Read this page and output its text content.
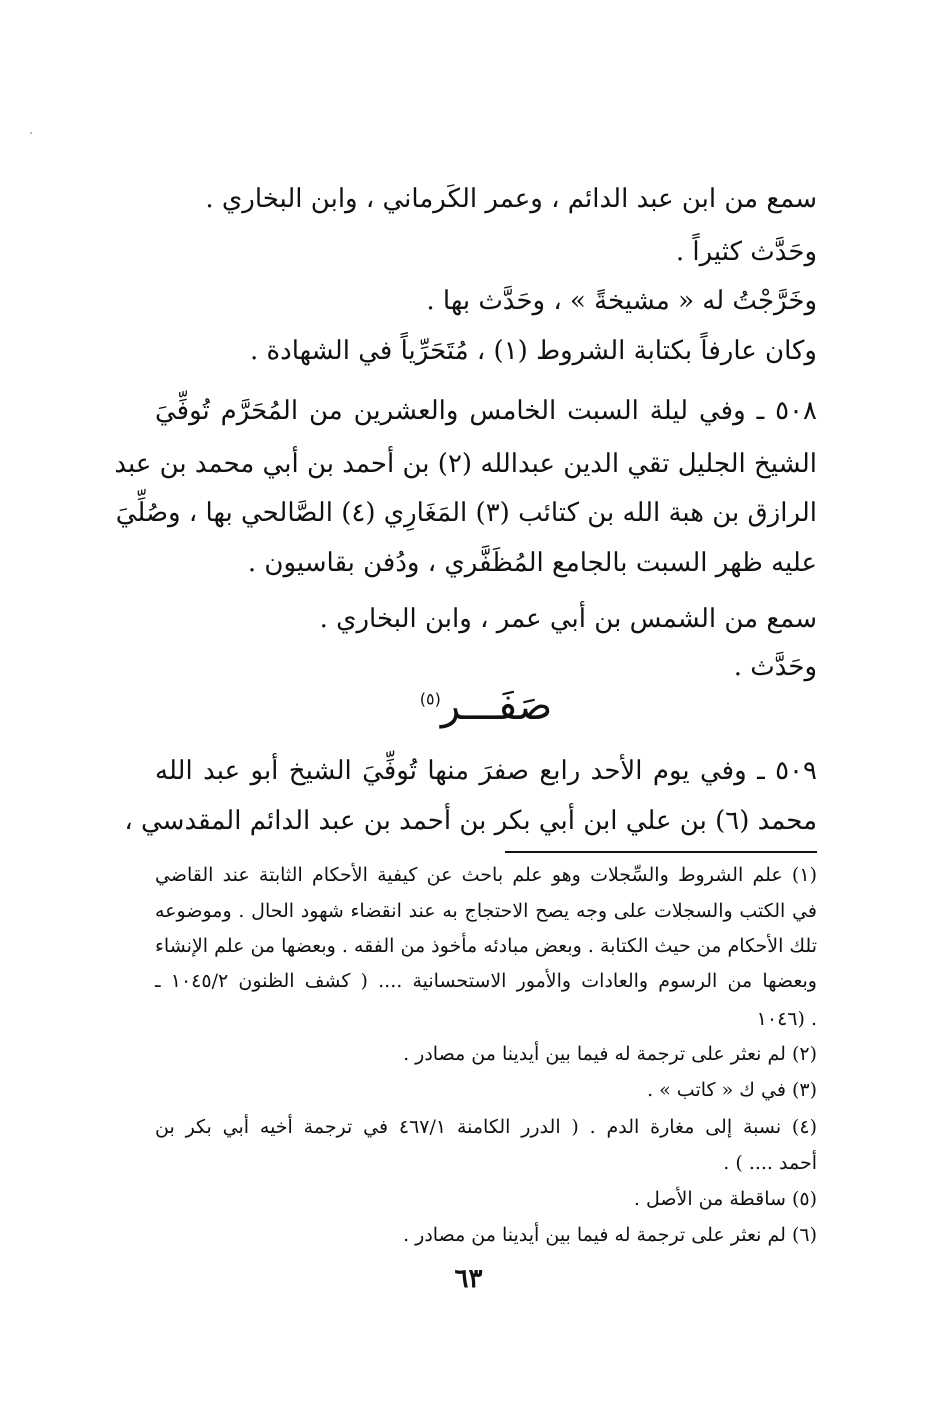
سمع من ابن عبد الدائم ، وعمر الكَرماني ، وابن البخاري .
وحَدَّث كثيراً .
وخَرَّجْتُ له « مشيخةً » ، وحَدَّث بها .
وكان عارفاً بكتابة الشروط (١) ، مُتَحَرِّياً في الشهادة .
٥٠٨ ـ وفي ليلة السبت الخامس والعشرين من المُحَرَّم تُوفِّيَ
الشيخ الجليل تقي الدين عبدالله (٢) بن أحمد بن أبي محمد بن عبد
الرازق بن هبة الله بن كتائب (٣) المَغَارِي (٤) الصَّالحي بها ، وصُلِّيَ
عليه ظهر السبت بالجامع المُظَفَّري ، ودُفن بقاسيون .
سمع من الشمس بن أبي عمر ، وابن البخاري .
وحَدَّث .
صَفَـــر$^{(٥)}$
٥٠٩ ـ وفي يوم الأحد رابع صفرَ منها تُوفِّيَ الشيخ أبو عبد الله
محمد (٦) بن علي ابن أبي بكر بن أحمد بن عبد الدائم المقدسي ،
(١) علم الشروط والسِّجلات وهو علم باحث عن كيفية الأحكام الثابتة عند القاضي
في الكتب والسجلات على وجه يصح الاحتجاج به عند انقضاء شهود الحال . وموضوعه
تلك الأحكام من حيث الكتابة . وبعض مبادئه مأخوذ من الفقه . وبعضها من علم الإنشاء
وبعضها من الرسوم والعادات والأمور الاستحسانية .... ( كشف الظنون ١٠٤٥/٢ ـ
١٠٤٦) .
(٢) لم نعثر على ترجمة له فيما بين أيدينا من مصادر .
(٣) في ك « كاتب » .
(٤) نسبة إلى مغارة الدم . ( الدرر الكامنة ٤٦٧/١ في ترجمة أخيه أبي بكر بن
أحمد .... ) .
(٥) ساقطة من الأصل .
(٦) لم نعثر على ترجمة له فيما بين أيدينا من مصادر .
٦٣
